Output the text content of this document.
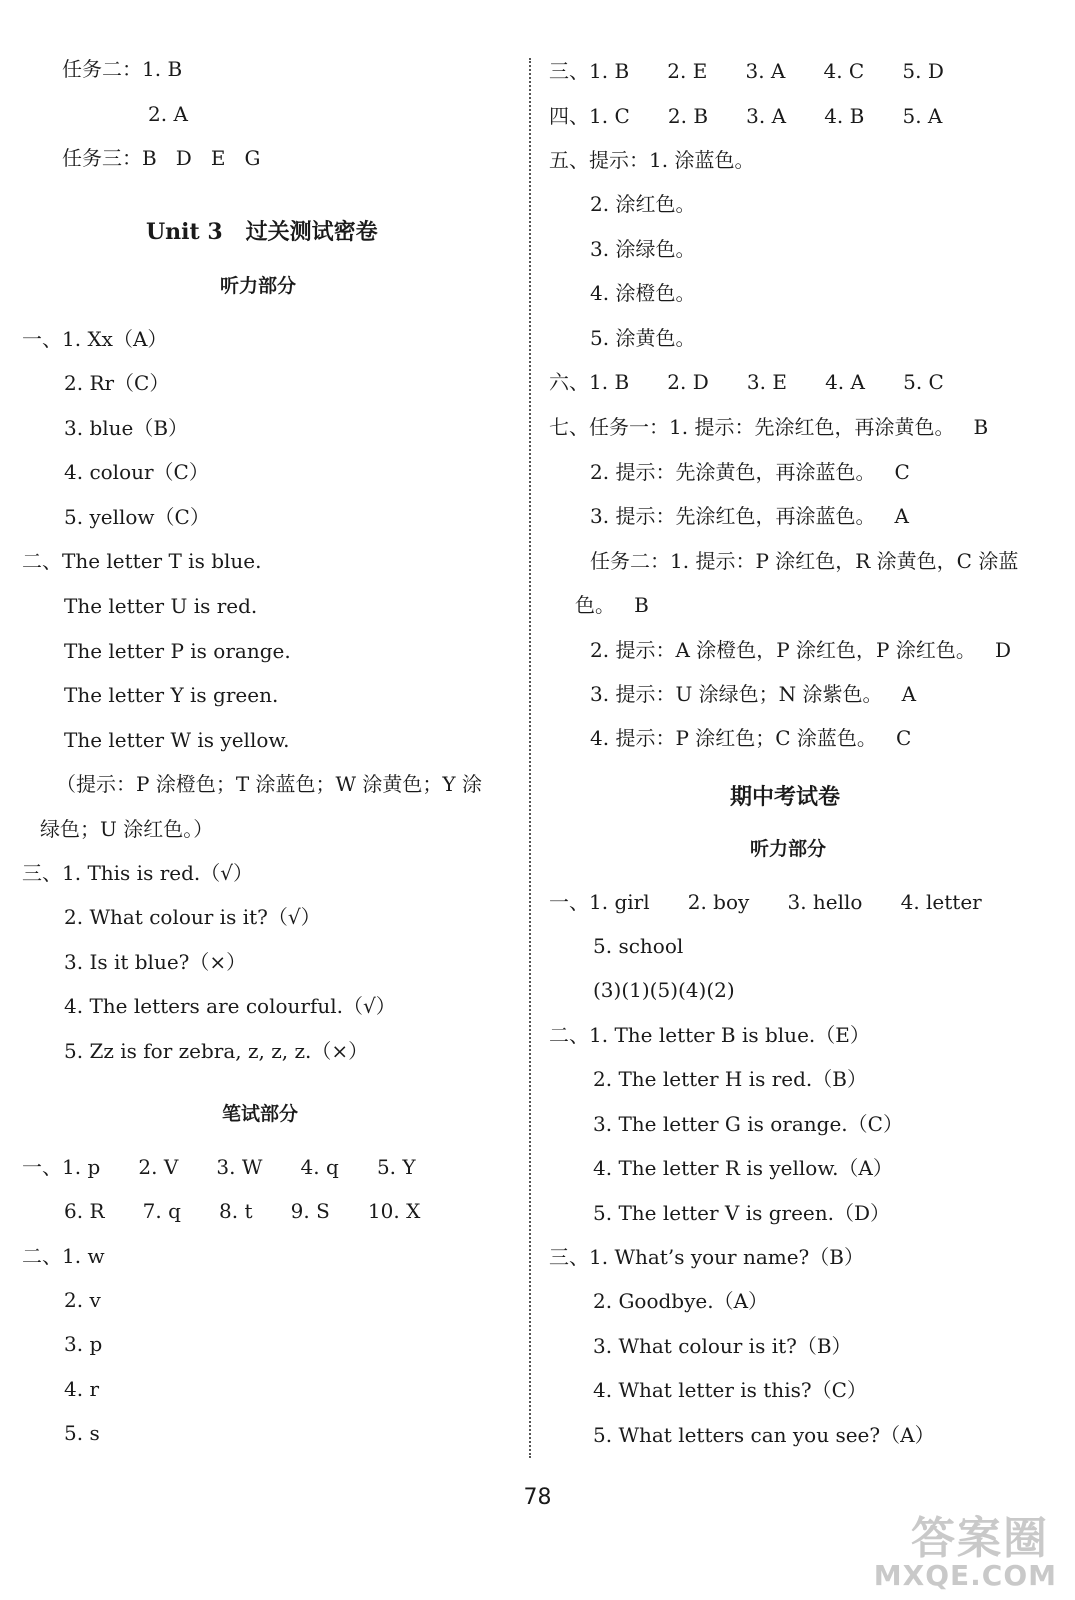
任务二：1. B
2. A
任务三：B   D   E   G
Unit 3   过关测试密卷
听力部分
一、1. Xx（A）
2. Rr（C）
3. blue（B）
4. colour（C）
5. yellow（C）
二、The letter T is blue.
The letter U is red.
The letter P is orange.
The letter Y is green.
The letter W is yellow.
（提示：P 涂橙色；T 涂蓝色；W 涂黄色；Y 涂
绿色；U 涂红色。）
三、1. This is red.（√）
2. What colour is it?（√）
3. Is it blue?（×）
4. The letters are colourful.（√）
5. Zz is for zebra, z, z, z.（×）
笔试部分
一、1. p      2. V      3. W      4. q      5. Y
6. R      7. q      8. t      9. S      10. X
二、1. w
2. v
3. p
4. r
5. s
三、1. B      2. E      3. A      4. C      5. D
四、1. C      2. B      3. A      4. B      5. A
五、提示：1. 涂蓝色。
2. 涂红色。
3. 涂绿色。
4. 涂橙色。
5. 涂黄色。
六、1. B      2. D      3. E      4. A      5. C
七、任务一：1. 提示：先涂红色，再涂黄色。   B
2. 提示：先涂黄色，再涂蓝色。   C
3. 提示：先涂红色，再涂蓝色。   A
任务二：1. 提示：P 涂红色，R 涂黄色，C 涂蓝
色。   B
2. 提示：A 涂橙色，P 涂红色，P 涂红色。   D
3. 提示：U 涂绿色；N 涂紫色。   A
4. 提示：P 涂红色；C 涂蓝色。   C
期中考试卷
听力部分
一、1. girl      2. boy      3. hello      4. letter
5. school
(3)(1)(5)(4)(2)
二、1. The letter B is blue.（E）
2. The letter H is red.（B）
3. The letter G is orange.（C）
4. The letter R is yellow.（A）
5. The letter V is green.（D）
三、1. What’s your name?（B）
2. Goodbye.（A）
3. What colour is it?（B）
4. What letter is this?（C）
5. What letters can you see?（A）
78
答案圈
MXQE.COM
